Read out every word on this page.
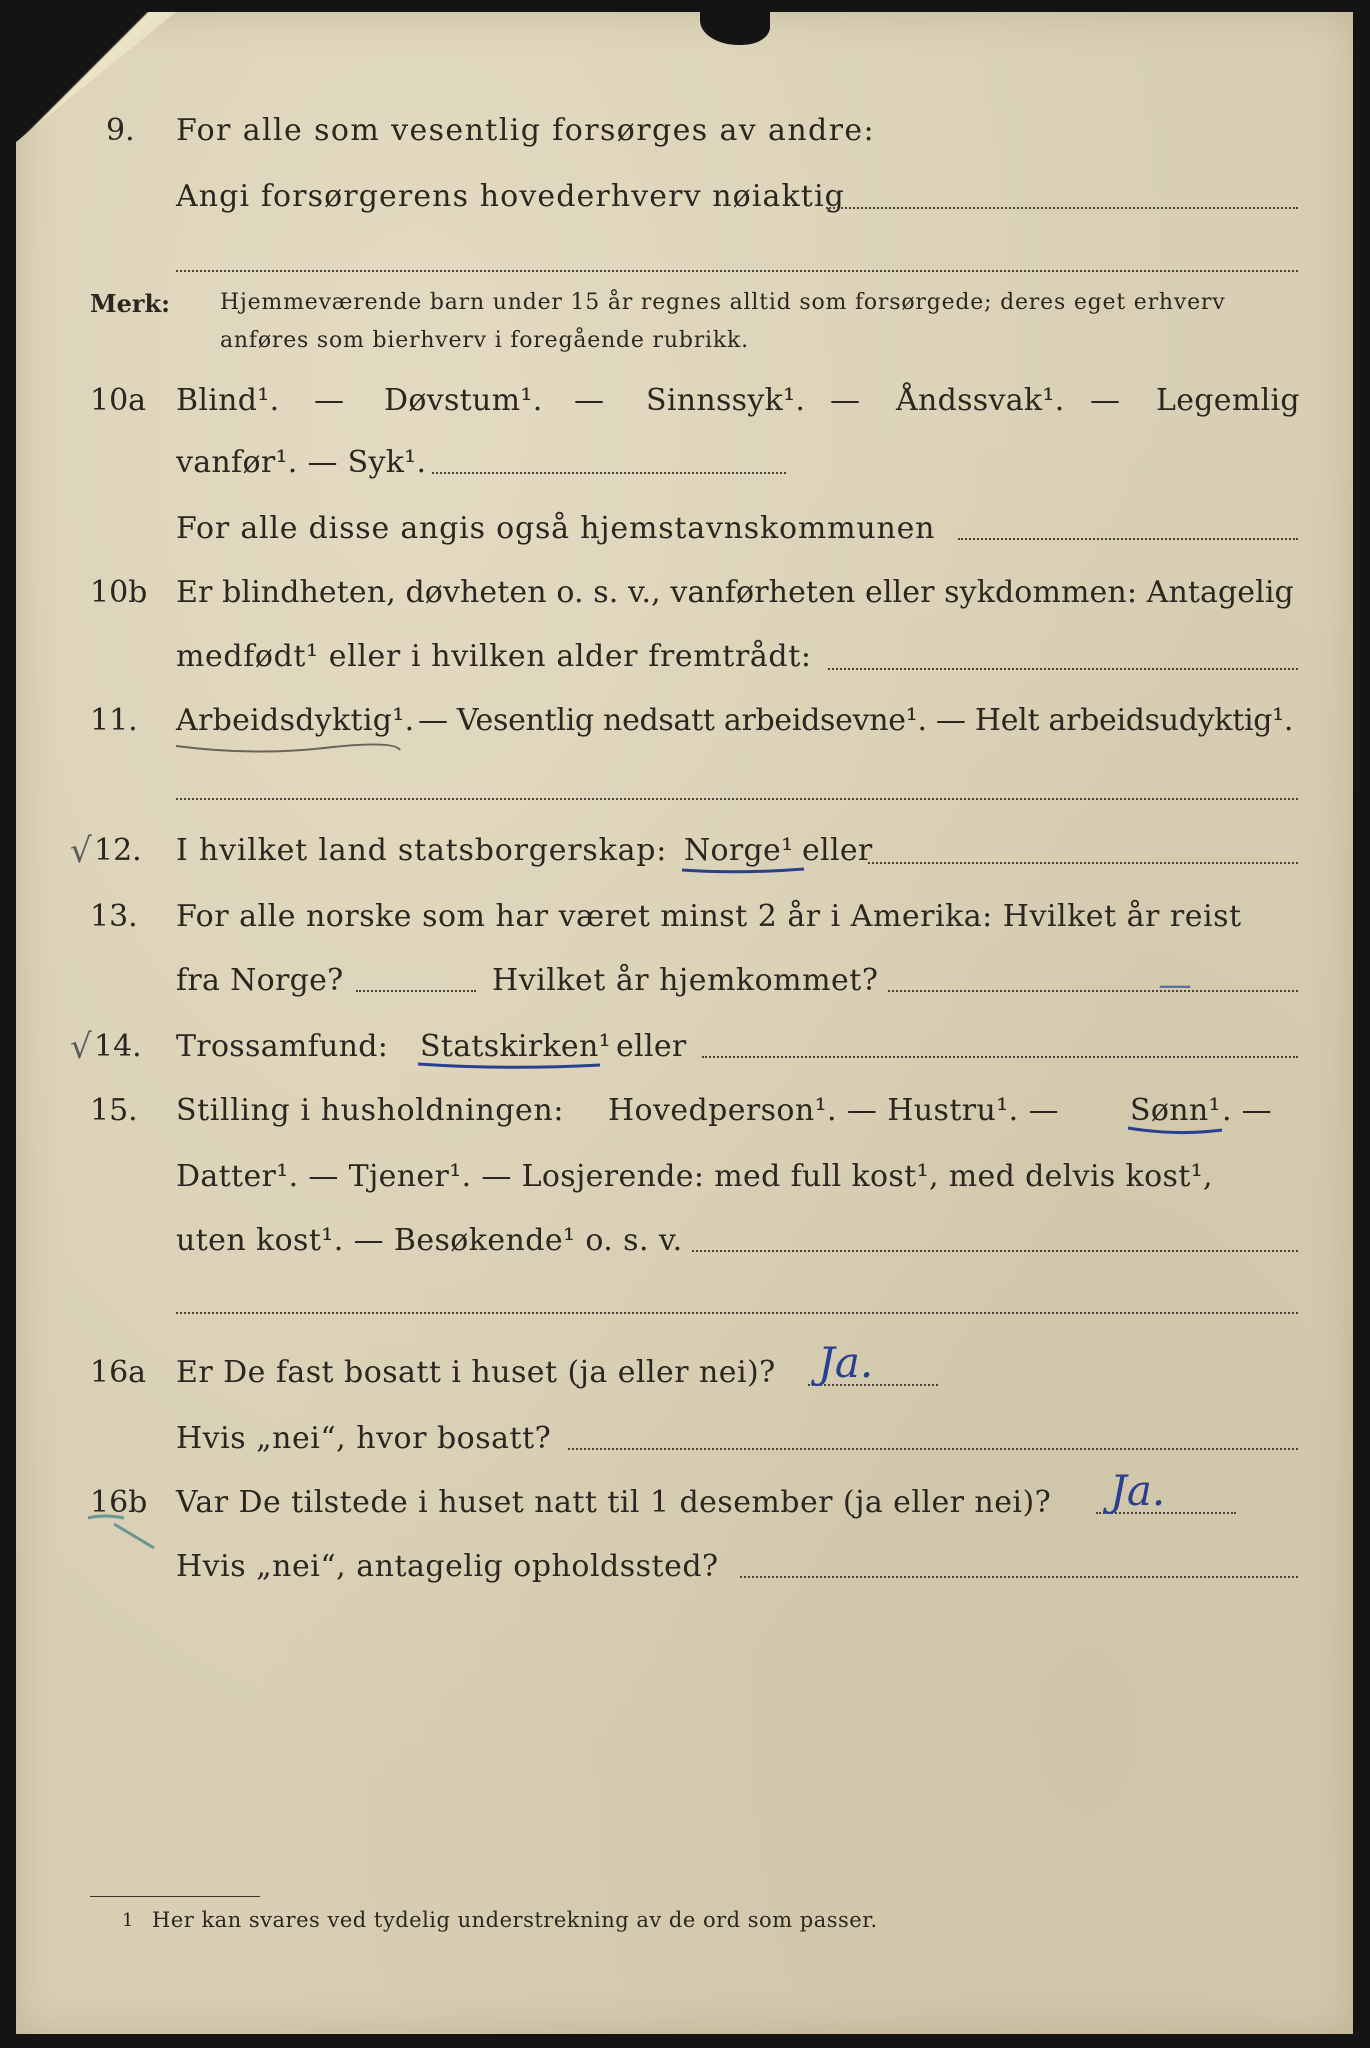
9. For alle som vesentlig forsørges av andre:
Angi forsørgerens hovederhverv nøiaktig
Merk: Hjemmeværende barn under 15 år regnes alltid som forsørgede; deres eget erhverv
anføres som bierhverv i foregående rubrikk.
10a Blind¹. — Døvstum¹. — Sinnssyk¹. — Åndssvak¹. — Legemlig
vanfør¹. — Syk¹.
For alle disse angis også hjemstavnskommunen
10b Er blindheten, døvheten o. s. v., vanførheten eller sykdommen: Antagelig
medfødt¹ eller i hvilken alder fremtrådt:
11. Arbeidsdyktig¹. — Vesentlig nedsatt arbeidsevne¹. — Helt arbeidsudyktig¹.
√ 12. I hvilket land statsborgerskap: Norge¹ eller
13. For alle norske som har været minst 2 år i Amerika: Hvilket år reist
fra Norge?	Hvilket år hjemkommet?	—
√ 14. Trossamfund: Statskirken¹ eller
15. Stilling i husholdningen: Hovedperson¹. — Hustru¹. — Sønn¹ . —
Datter¹. — Tjener¹. — Losjerende: med full kost¹, med delvis kost¹,
uten kost¹. — Besøkende¹ o. s. v.
16a Er De fast bosatt i huset (ja eller nei)? Ja.
Hvis „nei“, hvor bosatt?
16b Var De tilstede i huset natt til 1 desember (ja eller nei)? Ja.
Hvis „nei“, antagelig opholdssted?
1 Her kan svares ved tydelig understrekning av de ord som passer.
